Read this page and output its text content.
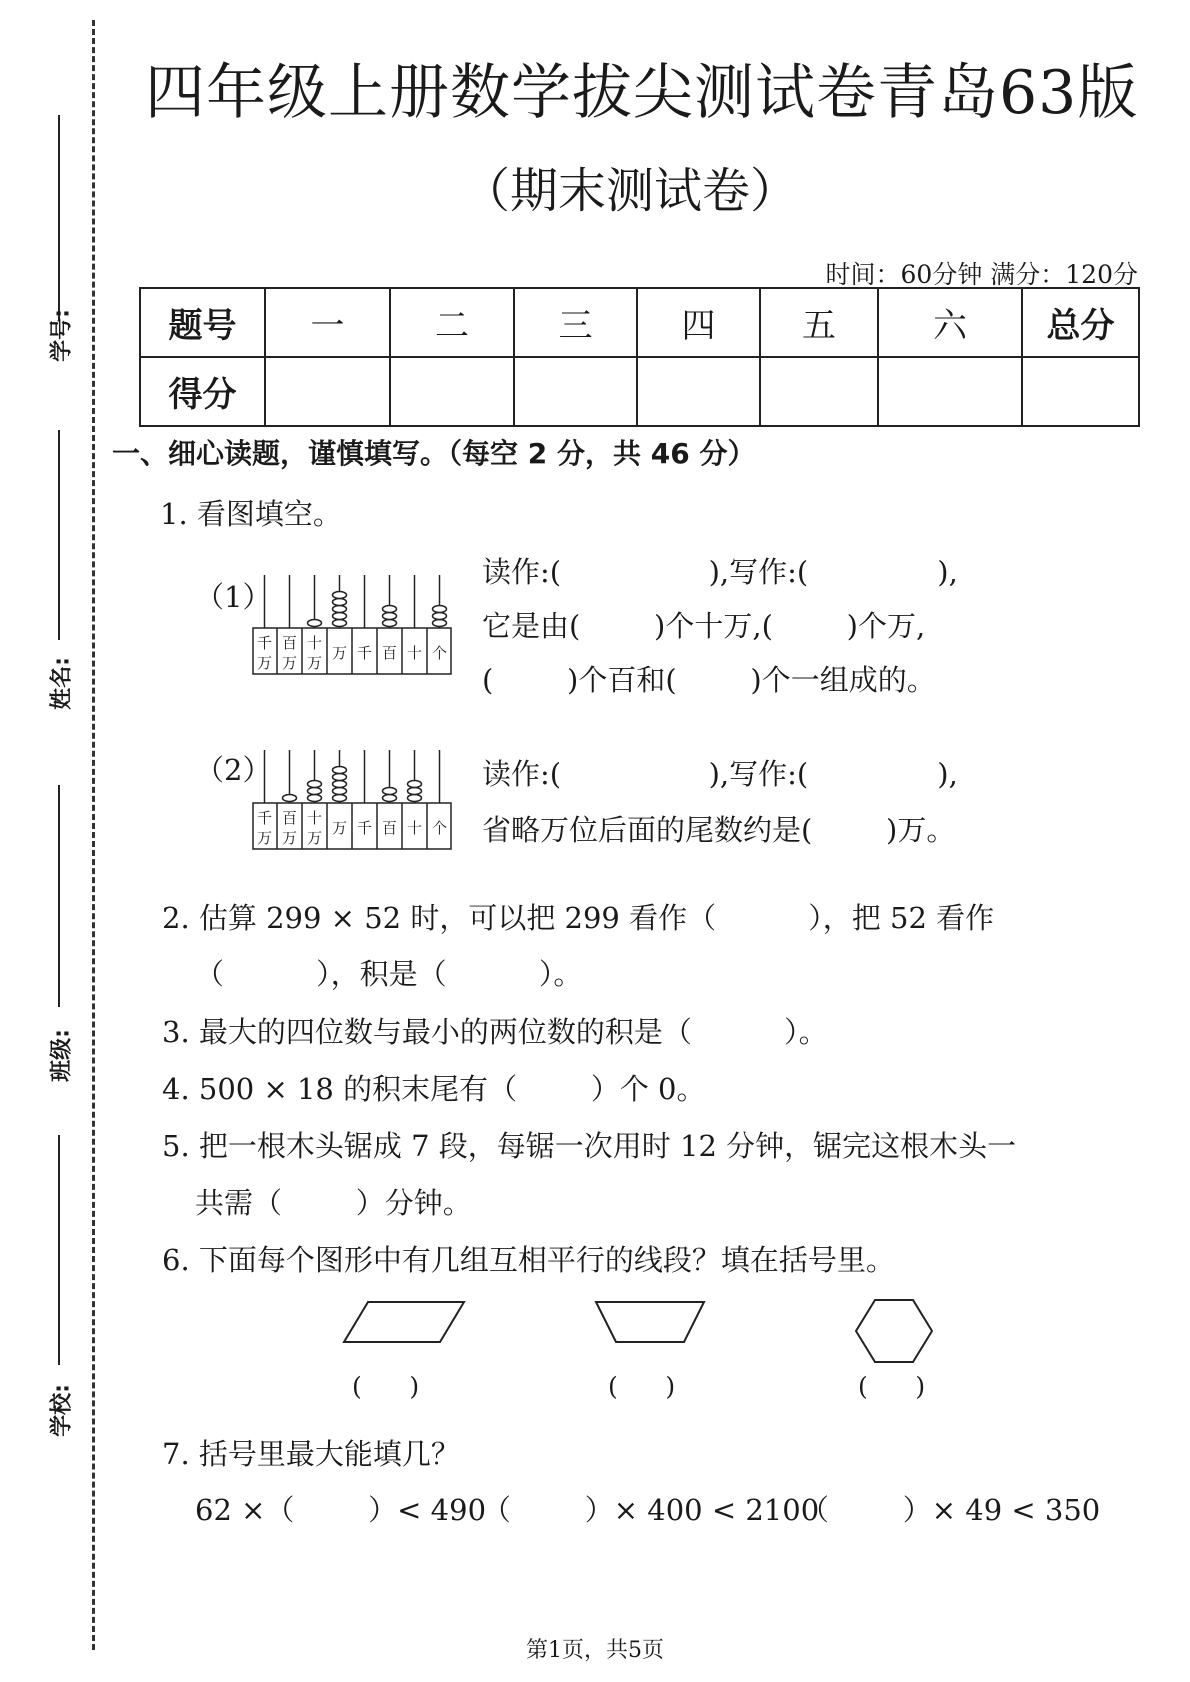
学号:
姓名:
班级:
学校:
四年级上册数学拔尖测试卷青岛63版
（期末测试卷）
时间：60分钟 满分：120分
题号	一	二	三	四	五	六	总分
得分							
一、细心读题，谨慎填写。（每空 2 分，共 46 分）
1. 看图填空。
（1）
千
万
百
万
十
万
万 千 百 十 个
读作:(                ),写作:(              ),
它是由(        )个十万,(        )个万,
(        )个百和(        )个一组成的。
（2）
千
万
百
万
十
万
万 千 百 十 个
读作:(                ),写作:(              ),
省略万位后面的尾数约是(        )万。
2. 估算 299 × 52 时，可以把 299 看作（          ），把 52 看作
（          ），积是（          ）。
3. 最大的四位数与最小的两位数的积是（          ）。
4. 500 × 18 的积末尾有（        ）个 0。
5. 把一根木头锯成 7 段，每锯一次用时 12 分钟，锯完这根木头一
共需（        ）分钟。
6. 下面每个图形中有几组互相平行的线段？填在括号里。
(      )	(      )	(      )
7. 括号里最大能填几？
62 ×（        ）< 490
（        ）× 400 < 2100
（        ）× 49 < 350
第1页，共5页
